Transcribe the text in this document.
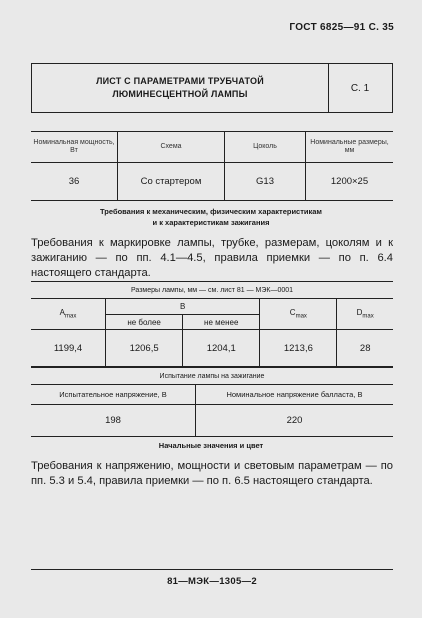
ГОСТ 6825—91 С. 35
ЛИСТ С ПАРАМЕТРАМИ ТРУБЧАТОЙ
ЛЮМИНЕСЦЕНТНОЙ ЛАМПЫ
С. 1
Номинальная мощность, Вт	Схема	Цоколь	Номинальные размеры, мм
36	Со стартером	G13	1200×25
Требования к механическим, физическим характеристикам
и к характеристикам зажигания
Требования к маркировке лампы, трубке, размерам, цоколям и к зажиганию — по пп. 4.1—4.5, правила приемки — по п. 6.4 настоящего стандарта.
Размеры лампы, мм — см. лист 81 — МЭК—0001				
$A_{max}$	B		$C_{max}$	$D_{max}$
	не более	не менее		
1199,4	1206,5	1204,1	1213,6	28
Испытание лампы на зажигание	
Испытательное напряжение, В	Номинальное напряжение балласта, В
198	220
Начальные значения и цвет
Требования к напряжению, мощности и световым параметрам — по пп. 5.3 и 5.4, правила приемки — по п. 6.5 настоящего стандарта.
81—МЭК—1305—2
